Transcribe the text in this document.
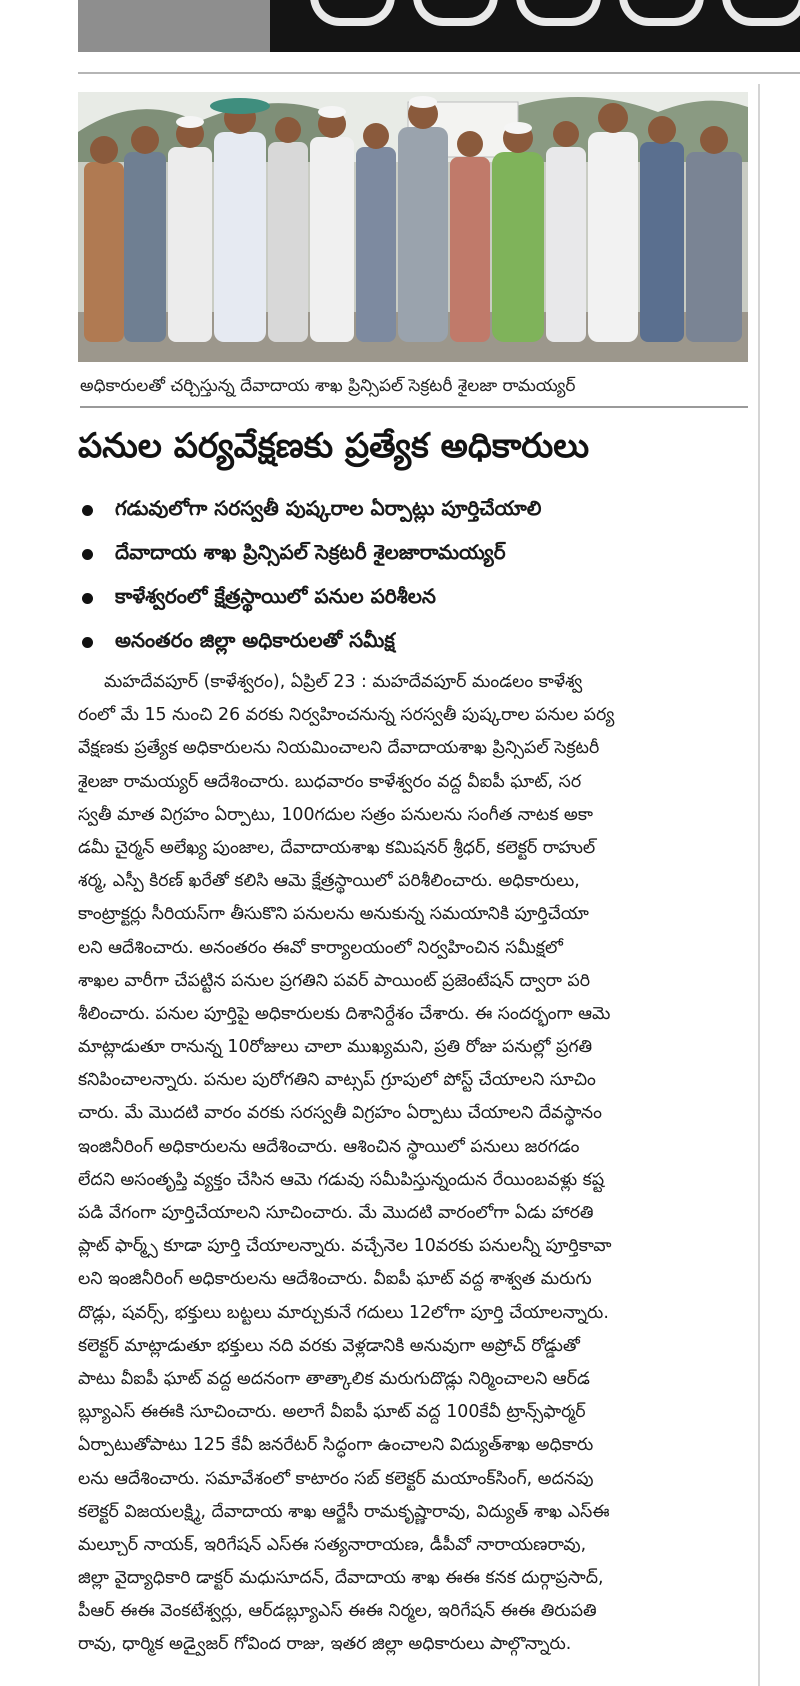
అధికారులతో చర్చిస్తున్న దేవాదాయ శాఖ ప్రిన్సిపల్ సెక్రటరీ శైలజా రామయ్యర్
పనుల పర్యవేక్షణకు ప్రత్యేక అధికారులు
గడువులోగా సరస్వతీ పుష్కరాల ఏర్పాట్లు పూర్తిచేయాలి
దేవాదాయ శాఖ ప్రిన్సిపల్ సెక్రటరీ శైలజారామయ్యర్
కాళేశ్వరంలో క్షేత్రస్థాయిలో పనుల పరిశీలన
అనంతరం జిల్లా అధికారులతో సమీక్ష
మహదేవపూర్ (కాళేశ్వరం), ఏప్రిల్ 23 : మహదేవపూర్ మండలం కాళేశ్వ
రంలో మే 15 నుంచి 26 వరకు నిర్వహించనున్న సరస్వతీ పుష్కరాల పనుల పర్య
వేక్షణకు ప్రత్యేక అధికారులను నియమించాలని దేవాదాయశాఖ ప్రిన్సిపల్ సెక్రటరీ
శైలజా రామయ్యర్ ఆదేశించారు. బుధవారం కాళేశ్వరం వద్ద వీఐపీ ఘాట్, సర
స్వతీ మాత విగ్రహం ఏర్పాటు, 100గదుల సత్రం పనులను సంగీత నాటక అకా
డమీ చైర్మన్ అలేఖ్య పుంజాల, దేవాదాయశాఖ కమిషనర్ శ్రీధర్, కలెక్టర్ రాహుల్
శర్మ, ఎస్పీ కిరణ్ ఖరేతో కలిసి ఆమె క్షేత్రస్థాయిలో పరిశీలించారు. అధికారులు,
కాంట్రాక్టర్లు సీరియస్‌గా తీసుకొని పనులను అనుకున్న సమయానికి పూర్తిచేయా
లని ఆదేశించారు. అనంతరం ఈవో కార్యాలయంలో నిర్వహించిన సమీక్షలో
శాఖల వారీగా చేపట్టిన పనుల ప్రగతిని పవర్ పాయింట్ ప్రజెంటేషన్ ద్వారా పరి
శీలించారు. పనుల పూర్తిపై అధికారులకు దిశానిర్దేశం చేశారు. ఈ సందర్భంగా ఆమె
మాట్లాడుతూ రానున్న 10రోజులు చాలా ముఖ్యమని, ప్రతి రోజు పనుల్లో ప్రగతి
కనిపించాలన్నారు. పనుల పురోగతిని వాట్సప్ గ్రూపులో పోస్ట్ చేయాలని సూచిం
చారు. మే మొదటి వారం వరకు సరస్వతీ విగ్రహం ఏర్పాటు చేయాలని దేవస్థానం
ఇంజినీరింగ్ అధికారులను ఆదేశించారు. ఆశించిన స్థాయిలో పనులు జరగడం
లేదని అసంతృప్తి వ్యక్తం చేసిన ఆమె గడువు సమీపిస్తున్నందున రేయింబవళ్లు కష్ట
పడి వేగంగా పూర్తిచేయాలని సూచించారు. మే మొదటి వారంలోగా ఏడు హారతి
ప్లాట్ ఫార్మ్స్ కూడా పూర్తి చేయాలన్నారు. వచ్చేనెల 10వరకు పనులన్నీ పూర్తికావా
లని ఇంజినీరింగ్ అధికారులను ఆదేశించారు. వీఐపీ ఘాట్ వద్ద శాశ్వత మరుగు
దొడ్లు, షవర్స్, భక్తులు బట్టలు మార్చుకునే గదులు 12లోగా పూర్తి చేయాలన్నారు.
కలెక్టర్ మాట్లాడుతూ భక్తులు నది వరకు వెళ్లడానికి అనువుగా అప్రోచ్ రోడ్డుతో
పాటు వీఐపీ ఘాట్ వద్ద అదనంగా తాత్కాలిక మరుగుదొడ్లు నిర్మించాలని ఆర్‌డ
బ్ల్యూఎస్ ఈఈకి సూచించారు. అలాగే వీఐపీ ఘాట్ వద్ద 100కేవీ ట్రాన్స్‌ఫార్మర్
ఏర్పాటుతోపాటు 125 కేవీ జనరేటర్ సిద్ధంగా ఉంచాలని విద్యుత్‌శాఖ అధికారు
లను ఆదేశించారు. సమావేశంలో కాటారం సబ్ కలెక్టర్ మయాంక్‌సింగ్, అదనపు
కలెక్టర్ విజయలక్ష్మి, దేవాదాయ శాఖ ఆర్జేసీ రామకృష్ణారావు, విద్యుత్ శాఖ ఎస్‌ఈ
మల్చూర్ నాయక్, ఇరిగేషన్ ఎస్‌ఈ సత్యనారాయణ, డీపీవో నారాయణరావు,
జిల్లా వైద్యాధికారి డాక్టర్ మధుసూదన్, దేవాదాయ శాఖ ఈఈ కనక దుర్గాప్రసాద్,
పీఆర్ ఈఈ వెంకటేశ్వర్లు, ఆర్‌డబ్ల్యూఎస్ ఈఈ నిర్మల, ఇరిగేషన్ ఈఈ తిరుపతి
రావు, ధార్మిక అడ్వైజర్ గోవింద రాజు, ఇతర జిల్లా అధికారులు పాల్గొన్నారు.
